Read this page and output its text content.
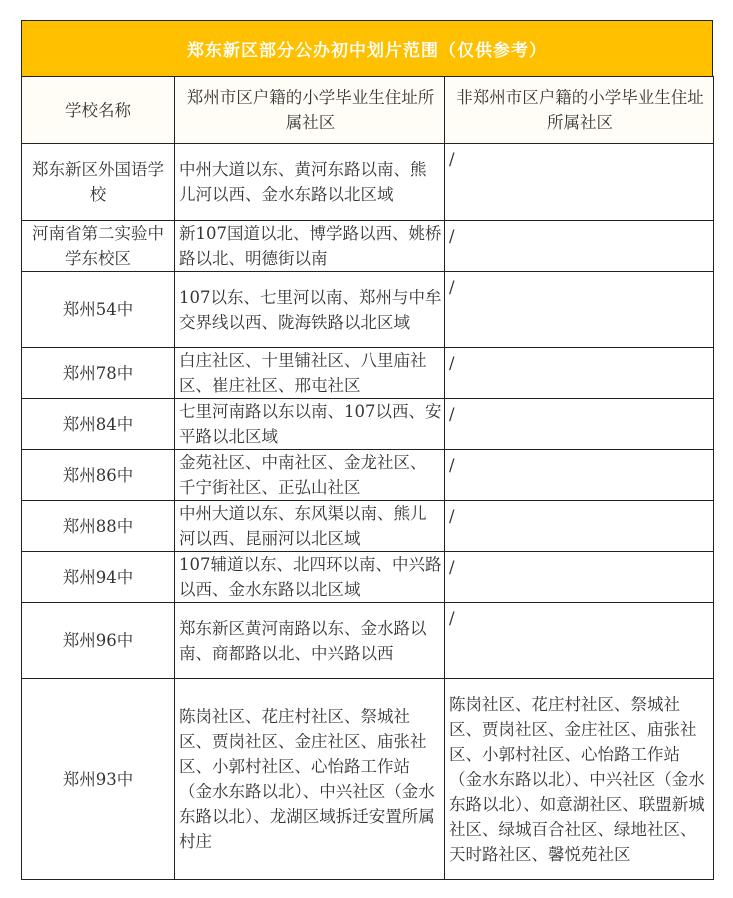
郑东新区部分公办初中划片范围（仅供参考）
学校名称	郑州市区户籍的小学毕业生住址所属社区	非郑州市区户籍的小学毕业生住址所属社区
郑东新区外国语学校	中州大道以东、黄河东路以南、熊儿河以西、金水东路以北区域	/
河南省第二实验中学东校区	新107国道以北、博学路以西、姚桥路以北、明德街以南	/
郑州54中	107以东、七里河以南、郑州与中牟交界线以西、陇海铁路以北区域	/
郑州78中	白庄社区、十里铺社区、八里庙社区、崔庄社区、邢屯社区	/
郑州84中	七里河南路以东以南、107以西、安平路以北区域	/
郑州86中	金苑社区、中南社区、金龙社区、千宁街社区、正弘山社区	/
郑州88中	中州大道以东、东风渠以南、熊儿河以西、昆丽河以北区域	/
郑州94中	107辅道以东、北四环以南、中兴路以西、金水东路以北区域	/
郑州96中	郑东新区黄河南路以东、金水路以南、商都路以北、中兴路以西	/
郑州93中	陈岗社区、花庄村社区、祭城社区、贾岗社区、金庄社区、庙张社区、小郭村社区、心怡路工作站（金水东路以北）、中兴社区（金水东路以北）、龙湖区域拆迁安置所属村庄	陈岗社区、花庄村社区、祭城社区、贾岗社区、金庄社区、庙张社区、小郭村社区、心怡路工作站（金水东路以北）、中兴社区（金水东路以北）、如意湖社区、联盟新城社区、绿城百合社区、绿地社区、天时路社区、馨悦苑社区
